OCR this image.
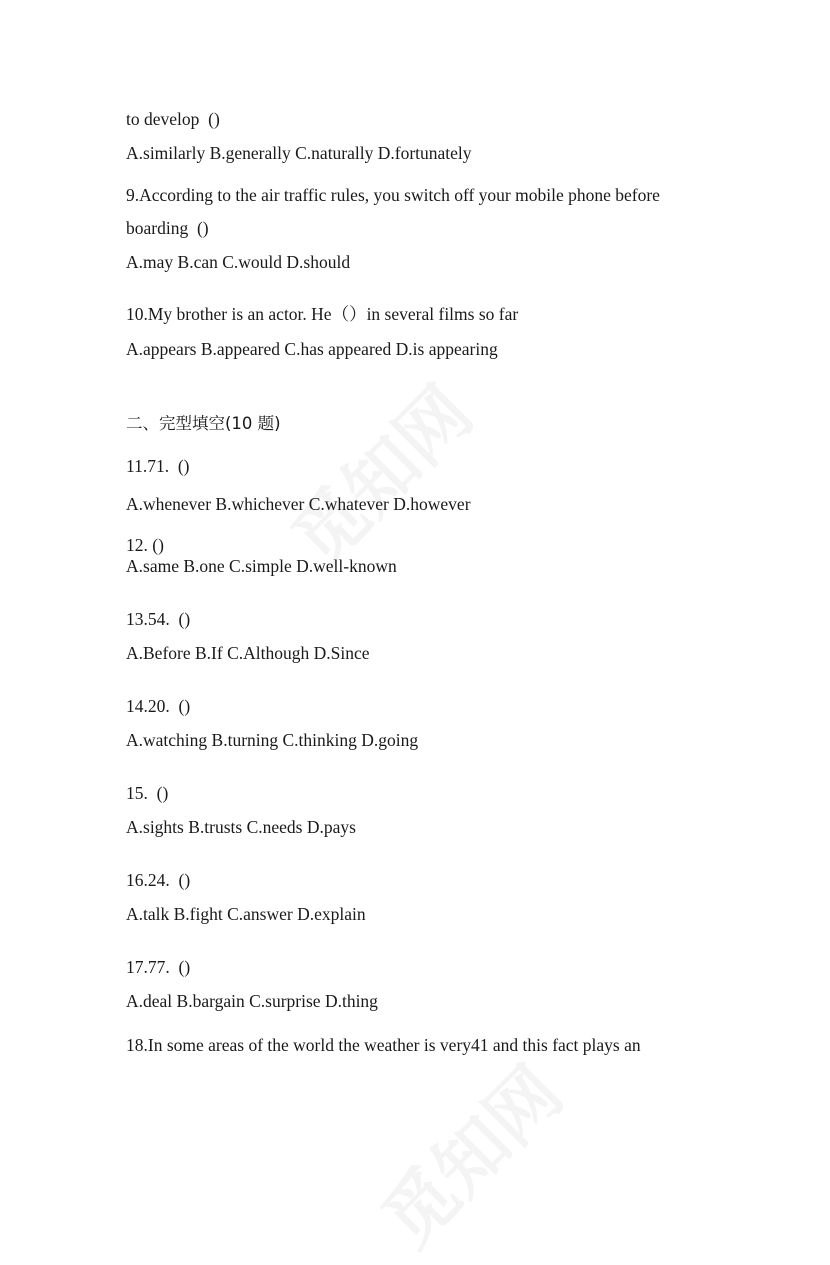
to develop  ()
A.similarly B.generally C.naturally D.fortunately
9.According to the air traffic rules, you switch off your mobile phone before
boarding  ()
A.may B.can C.would D.should
10.My brother is an actor. He（）in several films so far
A.appears B.appeared C.has appeared D.is appearing
二、完型填空(10 题)
11.71.  ()
A.whenever B.whichever C.whatever D.however
12. ()
A.same B.one C.simple D.well-known
13.54.  ()
A.Before B.If C.Although D.Since
14.20.  ()
A.watching B.turning C.thinking D.going
15.  ()
A.sights B.trusts C.needs D.pays
16.24.  ()
A.talk B.fight C.answer D.explain
17.77.  ()
A.deal B.bargain C.surprise D.thing
18.In some areas of the world the weather is very41 and this fact plays an
